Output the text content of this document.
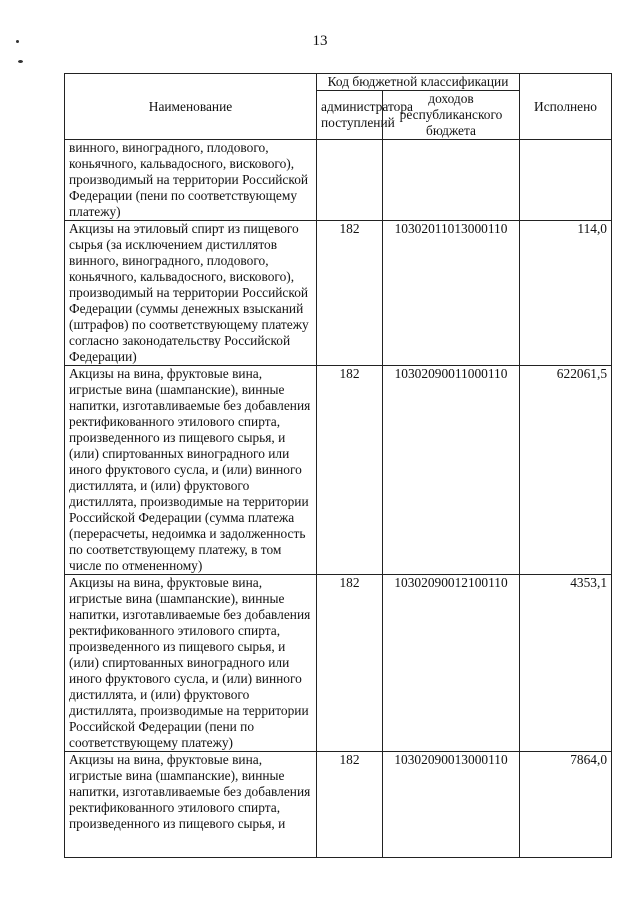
13
Наименование	Код бюджетной классификации		Исполнено
	администратора поступлений	доходов республиканского бюджета	
винного, виноградного, плодового, коньячного, кальвадосного, вискового), производимый на территории Российской Федерации (пени по соответствующему платежу)			
Акцизы на этиловый спирт из пищевого сырья (за исключением дистиллятов винного, виноградного, плодового, коньячного, кальвадосного, вискового), производимый на территории Российской Федерации (суммы денежных взысканий (штрафов) по соответствующему платежу согласно законодательству Российской Федерации)	182	10302011013000110	114,0
Акцизы на вина, фруктовые вина, игристые вина (шампанские), винные напитки, изготавливаемые без добавления ректификованного этилового спирта, произведенного из пищевого сырья, и (или) спиртованных виноградного или иного фруктового сусла, и (или) винного дистиллята, и (или) фруктового дистиллята, производимые на территории Российской Федерации (сумма платежа (перерасчеты, недоимка и задолженность по соответствующему платежу, в том числе по отмененному)	182	10302090011000110	622061,5
Акцизы на вина, фруктовые вина, игристые вина (шампанские), винные напитки, изготавливаемые без добавления ректификованного этилового спирта, произведенного из пищевого сырья, и (или) спиртованных виноградного или иного фруктового сусла, и (или) винного дистиллята, и (или) фруктового дистиллята, производимые на территории Российской Федерации (пени по соответствующему платежу)	182	10302090012100110	4353,1
Акцизы на вина, фруктовые вина, игристые вина (шампанские), винные напитки, изготавливаемые без добавления ректификованного этилового спирта, произведенного из пищевого сырья, и	182	10302090013000110	7864,0
